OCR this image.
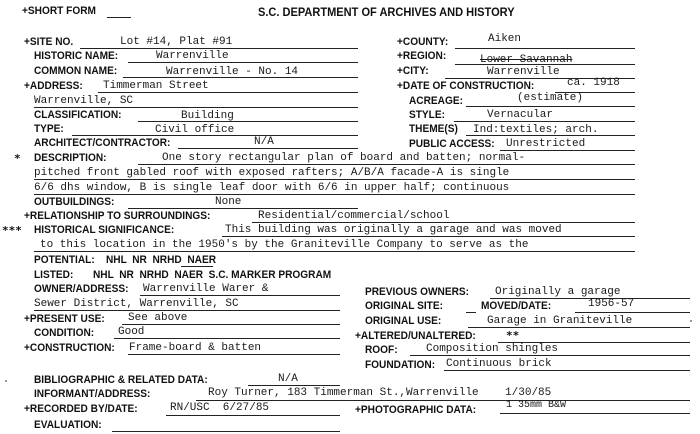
+SHORT FORM	S.C. DEPARTMENT OF ARCHIVES AND HISTORY
+SITE NO.	Lot #14, Plat #91	+COUNTY:	Aiken
HISTORIC NAME:	Warrenville	+REGION:	Lower Savannah
COMMON NAME:	Warrenville - No. 14	+CITY:	Warrenville
+ADDRESS: Timmerman Street	+DATE OF CONSTRUCTION:	ca. 1918
Warrenville, SC	ACREAGE:	(estimate)
CLASSIFICATION:	Building	STYLE:	Vernacular
TYPE:	Civil office	THEME(S) Ind:textiles; arch.
ARCHITECT/CONTRACTOR:	N/A	PUBLIC ACCESS: Unrestricted
* DESCRIPTION:	One story rectangular plan of board and batten; normal-
pitched front gabled roof with exposed rafters; A/B/A facade-A is single
6/6 dhs window, B is single leaf door with 6/6 in upper half; continuous
OUTBUILDINGS:	None
+RELATIONSHIP TO SURROUNDINGS:	Residential/commercial/school
*** HISTORICAL SIGNIFICANCE:	This building was originally a garage and was moved
to this location in the 1950's by the Graniteville Company to serve as the
POTENTIAL: NHL  NR  NRHD  NAER
LISTED: NHL  NR  NRHD  NAER  S.C. MARKER PROGRAM
OWNER/ADDRESS: Warrenville Warer &
Sewer District, Warrenville, SC
PREVIOUS OWNERS: Originally a garage
ORIGINAL SITE:	MOVED/DATE:	1956-57
+PRESENT USE: See above	ORIGINAL USE:	Garage in Graniteville
CONDITION: Good	+ALTERED/UNALTERED:	**
+CONSTRUCTION: Frame-board & batten	ROOF:	Composition shingles
FOUNDATION: Continuous brick
BIBLIOGRAPHIC & RELATED DATA:	N/A
INFORMANT/ADDRESS:	Roy Turner, 183 Timmerman St.,Warrenville    1/30/85
+RECORDED BY/DATE:	RN/USC  6/27/85	+PHOTOGRAPHIC DATA:	1 35mm B&W
EVALUATION:
